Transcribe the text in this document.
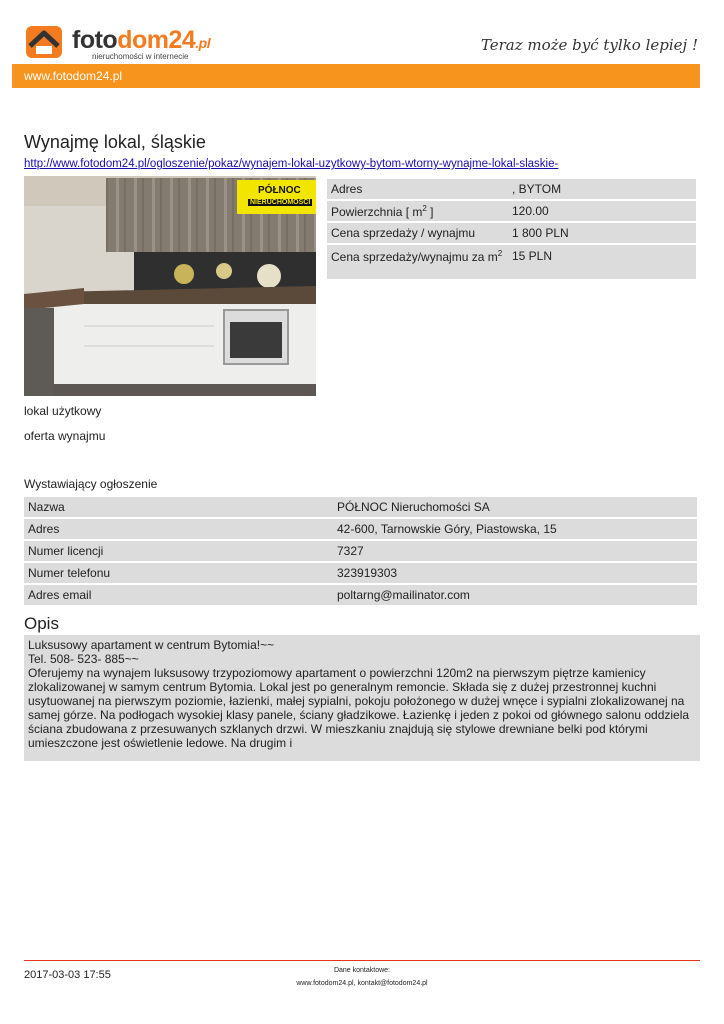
fotodom24.pl
nieruchomości w internecie
Teraz może być tylko lepiej !
www.fotodom24.pl
Wynajmę lokal, śląskie
http://www.fotodom24.pl/ogloszenie/pokaz/wynajem-lokal-uzytkowy-bytom-wtorny-wynajme-lokal-slaskie-
PÓŁNOC
NIERUCHOMOŚCI
Adres	, BYTOM
Powierzchnia [ $m^2$ ]	120.00
Cena sprzedaży / wynajmu	1 800 PLN
Cena sprzedaży/wynajmu za $m^2$	15 PLN
lokal użytkowy
oferta wynajmu
Wystawiający ogłoszenie
Nazwa	PÓŁNOC Nieruchomości SA
Adres	42-600, Tarnowskie Góry, Piastowska, 15
Numer licencji	7327
Numer telefonu	323919303
Adres email	poltarng@mailinator.com
Opis
Luksusowy apartament w centrum Bytomia!~~
Tel. 508- 523- 885~~
Oferujemy na wynajem luksusowy trzypoziomowy apartament o powierzchni 120m2 na pierwszym piętrze kamienicy zlokalizowanej w samym centrum Bytomia. Lokal jest po generalnym remoncie. Składa się z dużej przestronnej kuchni usytuowanej na pierwszym poziomie, łazienki, małej sypialni, pokoju położonego w dużej wnęce i sypialni zlokalizowanej na samej górze. Na podłogach wysokiej klasy panele, ściany gładzikowe. Łazienkę i jeden z pokoi od głównego salonu oddziela ściana zbudowana z przesuwanych szklanych drzwi. W mieszkaniu znajdują się stylowe drewniane belki pod którymi umieszczone jest oświetlenie ledowe. Na drugim i
2017-03-03 17:55	Dane kontaktowe:
www.fotodom24.pl, kontakt@fotodom24.pl
